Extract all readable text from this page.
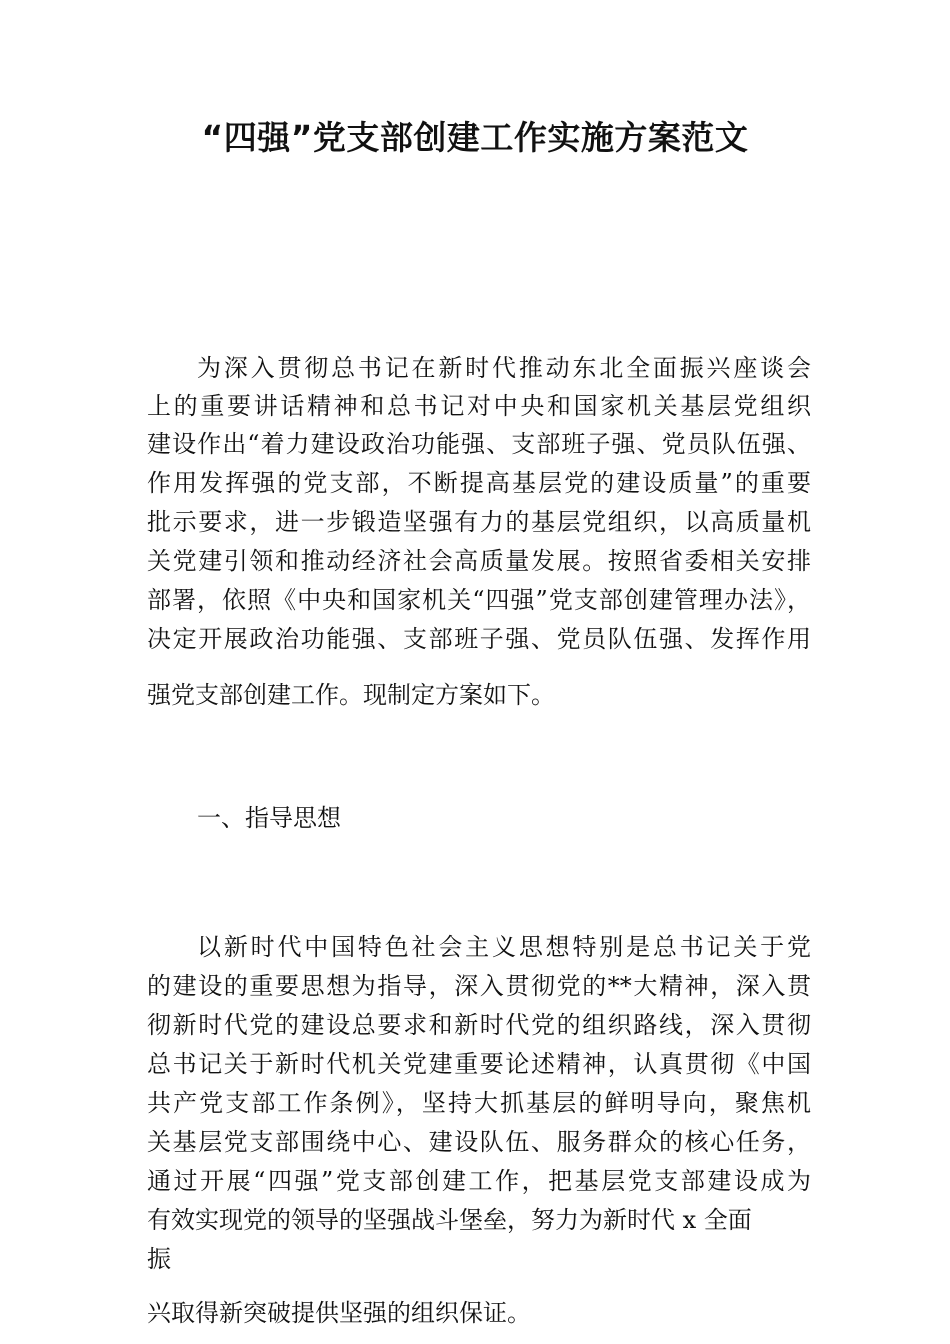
“四强”党支部创建工作实施方案范文
为深入贯彻总书记在新时代推动东北全面振兴座谈会
上的重要讲话精神和总书记对中央和国家机关基层党组织
建设作出“着力建设政治功能强、支部班子强、党员队伍强、
作用发挥强的党支部，不断提高基层党的建设质量”的重要
批示要求，进一步锻造坚强有力的基层党组织，以高质量机
关党建引领和推动经济社会高质量发展。按照省委相关安排
部署，依照《中央和国家机关“四强”党支部创建管理办法》，
决定开展政治功能强、支部班子强、党员队伍强、发挥作用
强党支部创建工作。现制定方案如下。
一、指导思想
以新时代中国特色社会主义思想特别是总书记关于党
的建设的重要思想为指导，深入贯彻党的**大精神，深入贯
彻新时代党的建设总要求和新时代党的组织路线，深入贯彻
总书记关于新时代机关党建重要论述精神，认真贯彻《中国
共产党支部工作条例》，坚持大抓基层的鲜明导向，聚焦机
关基层党支部围绕中心、建设队伍、服务群众的核心任务，
通过开展“四强”党支部创建工作，把基层党支部建设成为
有效实现党的领导的坚强战斗堡垒，努力为新时代 x 全面
振
兴取得新突破提供坚强的组织保证。
